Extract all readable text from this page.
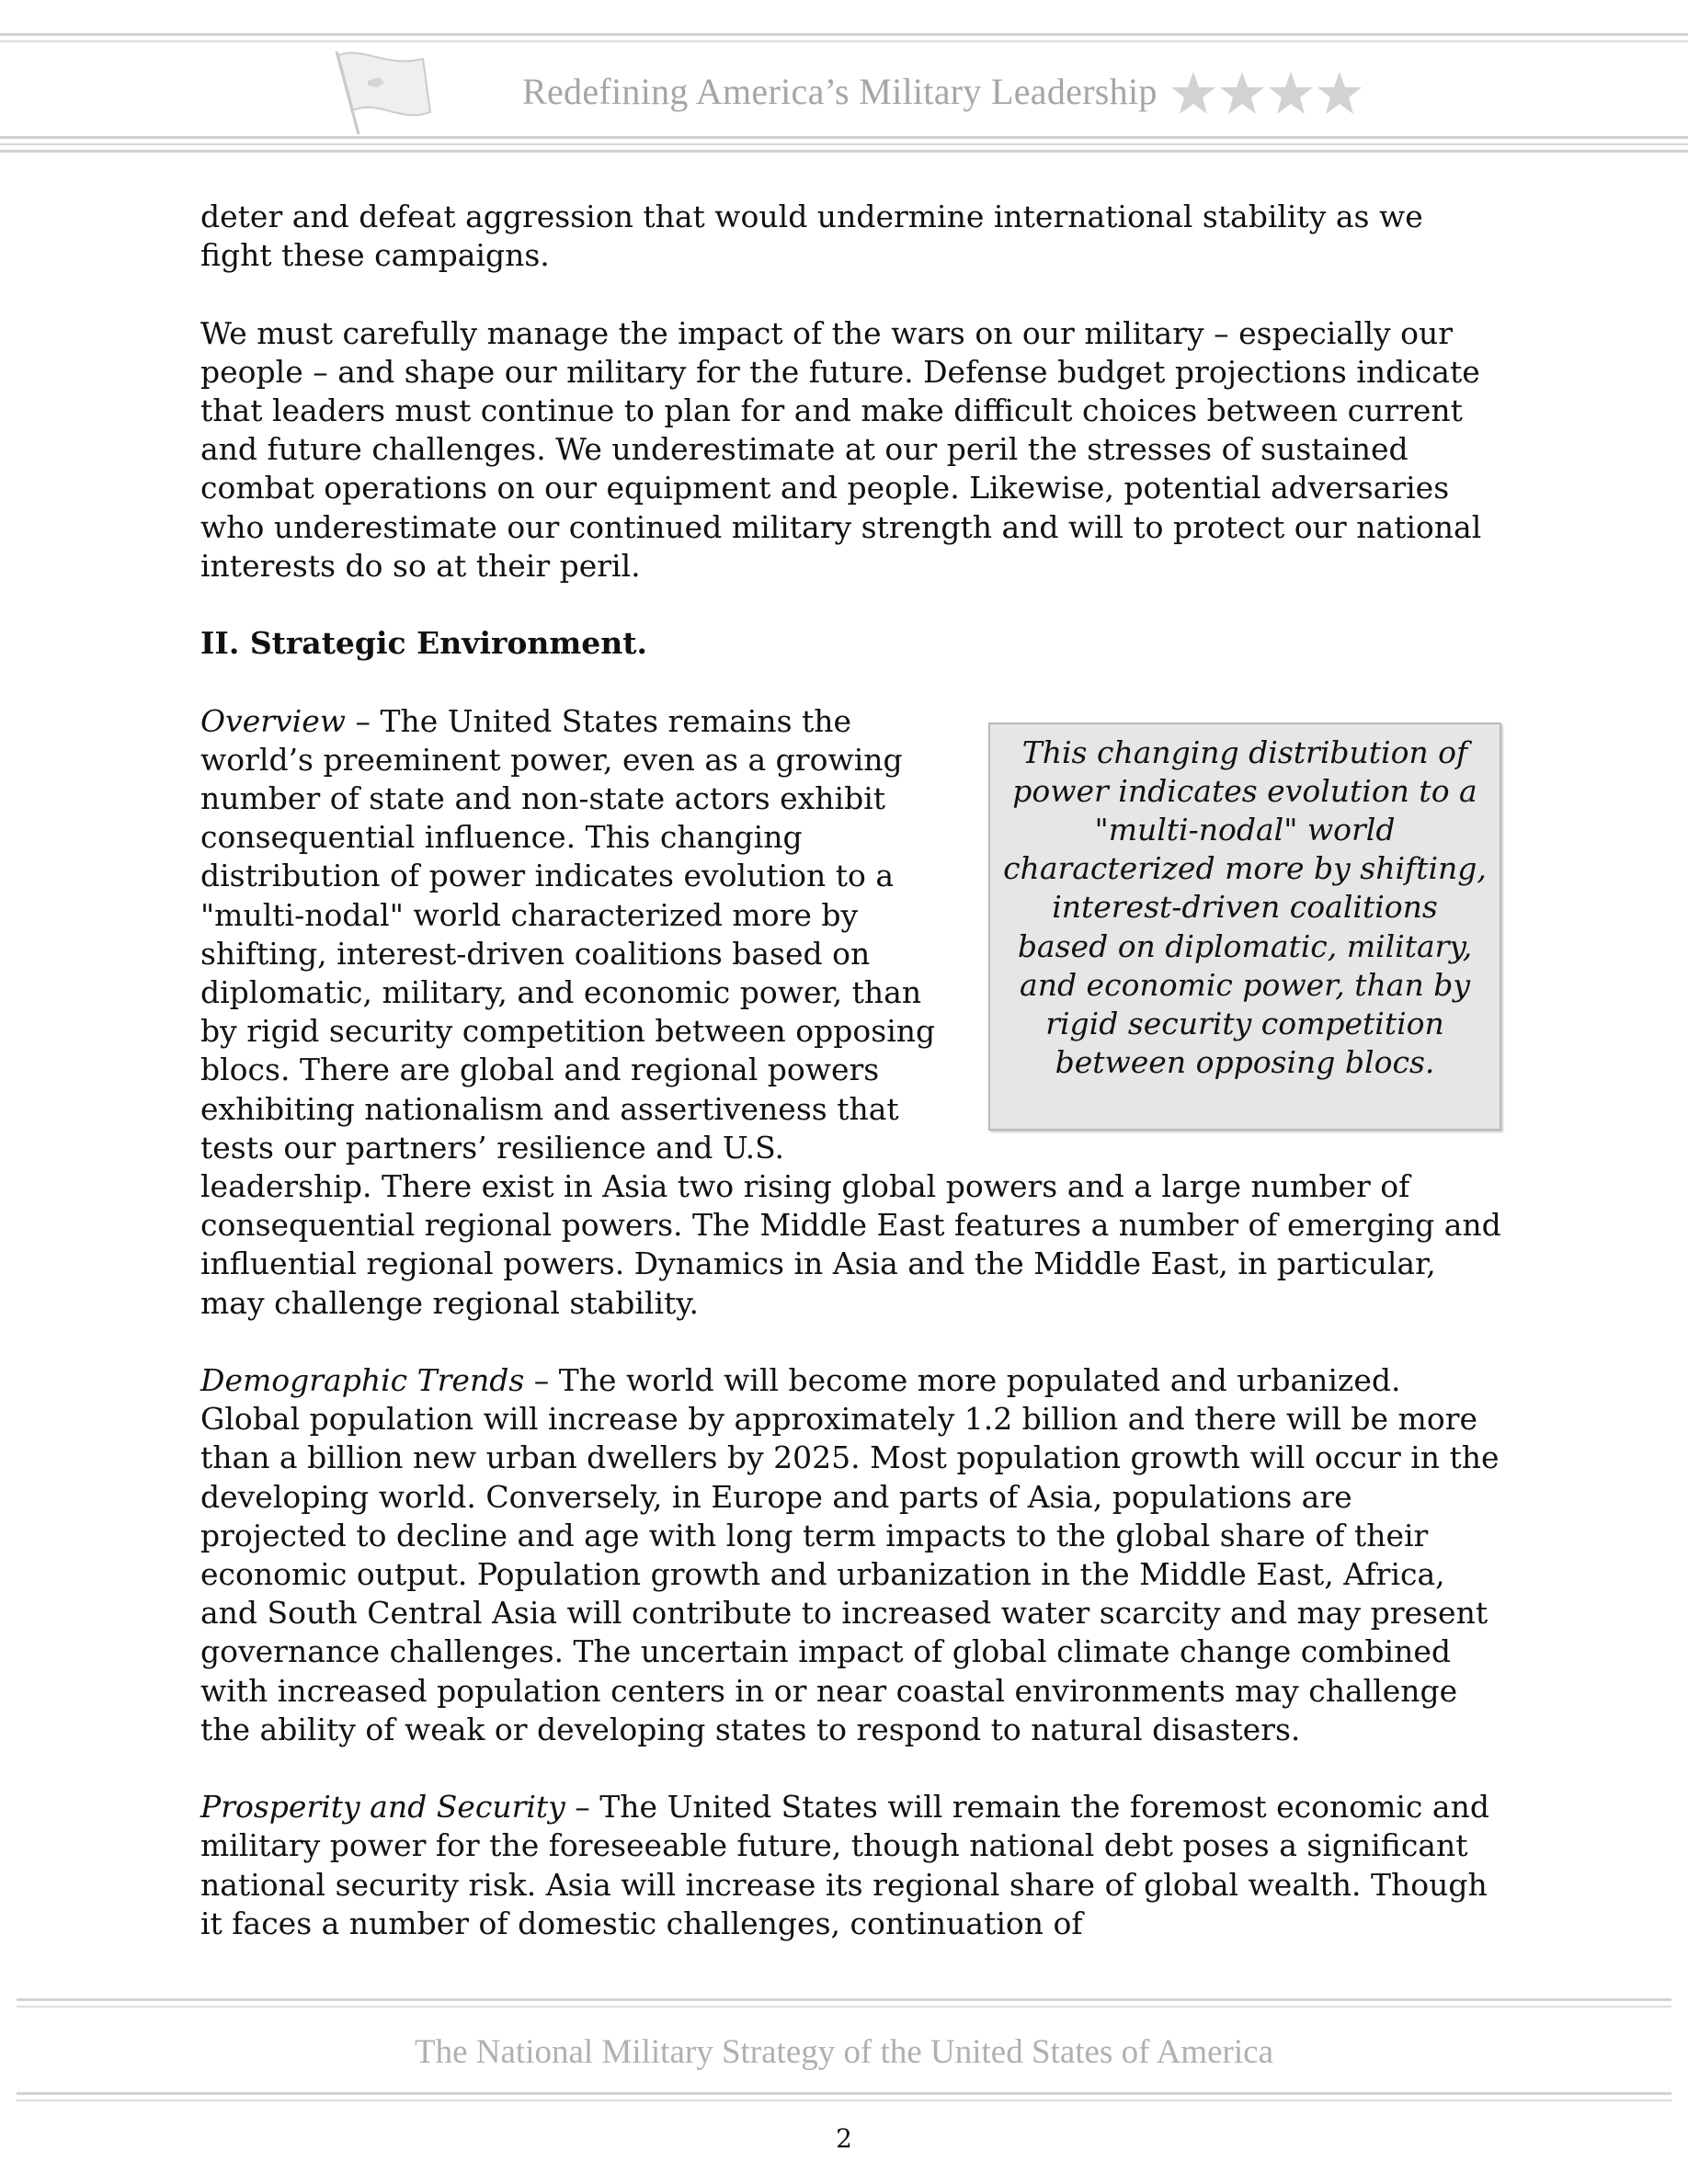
Redefining America’s Military Leadership

deter and defeat aggression that would undermine international stability as we fight these campaigns.

We must carefully manage the impact of the wars on our military – especially our people – and shape our military for the future. Defense budget projections indicate that leaders must continue to plan for and make difficult choices between current and future challenges. We underestimate at our peril the stresses of sustained combat operations on our equipment and people. Likewise, potential adversaries who underestimate our continued military strength and will to protect our national interests do so at their peril.

II. Strategic Environment.

This changing distribution of power indicates evolution to a "multi-nodal" world characterized more by shifting, interest-driven coalitions based on diplomatic, military, and economic power, than by rigid security competition between opposing blocs.
Overview – The United States remains the world’s preeminent power, even as a growing number of state and non-state actors exhibit consequential influence. This changing distribution of power indicates evolution to a "multi-nodal" world characterized more by shifting, interest-driven coalitions based on diplomatic, military, and economic power, than by rigid security competition between opposing blocs. There are global and regional powers exhibiting nationalism and assertiveness that tests our partners’ resilience and U.S. leadership. There exist in Asia two rising global powers and a large number of consequential regional powers. The Middle East features a number of emerging and influential regional powers. Dynamics in Asia and the Middle East, in particular, may challenge regional stability.

Demographic Trends – The world will become more populated and urbanized. Global population will increase by approximately 1.2 billion and there will be more than a billion new urban dwellers by 2025. Most population growth will occur in the developing world. Conversely, in Europe and parts of Asia, populations are projected to decline and age with long term impacts to the global share of their economic output. Population growth and urbanization in the Middle East, Africa, and South Central Asia will contribute to increased water scarcity and may present governance challenges. The uncertain impact of global climate change combined with increased population centers in or near coastal environments may challenge the ability of weak or developing states to respond to natural disasters.

Prosperity and Security – The United States will remain the foremost economic and military power for the foreseeable future, though national debt poses a significant national security risk. Asia will increase its regional share of global wealth. Though it faces a number of domestic challenges, continuation of

The National Military Strategy of the United States of America
2
